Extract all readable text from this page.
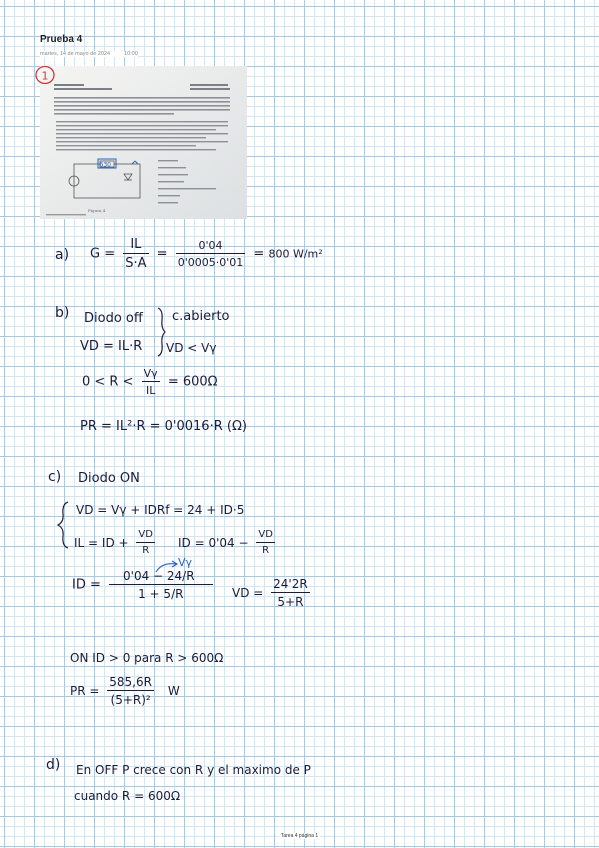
Prueba 4
martes, 14 de mayo de 2024	10:00
630
Figura 4
1
a) $G = \frac{IL}{S\cdot A} = \frac{0'04}{0'0005\cdot 0'01} = 800$ W/m²
b) Diodo off c.abierto
VD = IL·R VD < Vγ
$0 < R < \frac{V\gamma}{IL} = 600\Omega$
PR = IL²·R = 0'0016·R (Ω)
c) Diodo ON
VD = Vγ + IDRf = 24 + ID·5
IL = ID + $\frac{VD}{R}$ ID = $0'04 - \frac{VD}{R}$
Vγ
ID = $\frac{0'04 - 24/R}{1 + 5/R}$ VD = $\frac{24'2R}{5+R}$
ON ID > 0 para R > 600Ω
PR = $\frac{585,6R}{\text{(5+R)²}}$ W
d) En OFF P crece con R y el maximo de P
cuando R = 600Ω
Tarea 4 página 1
